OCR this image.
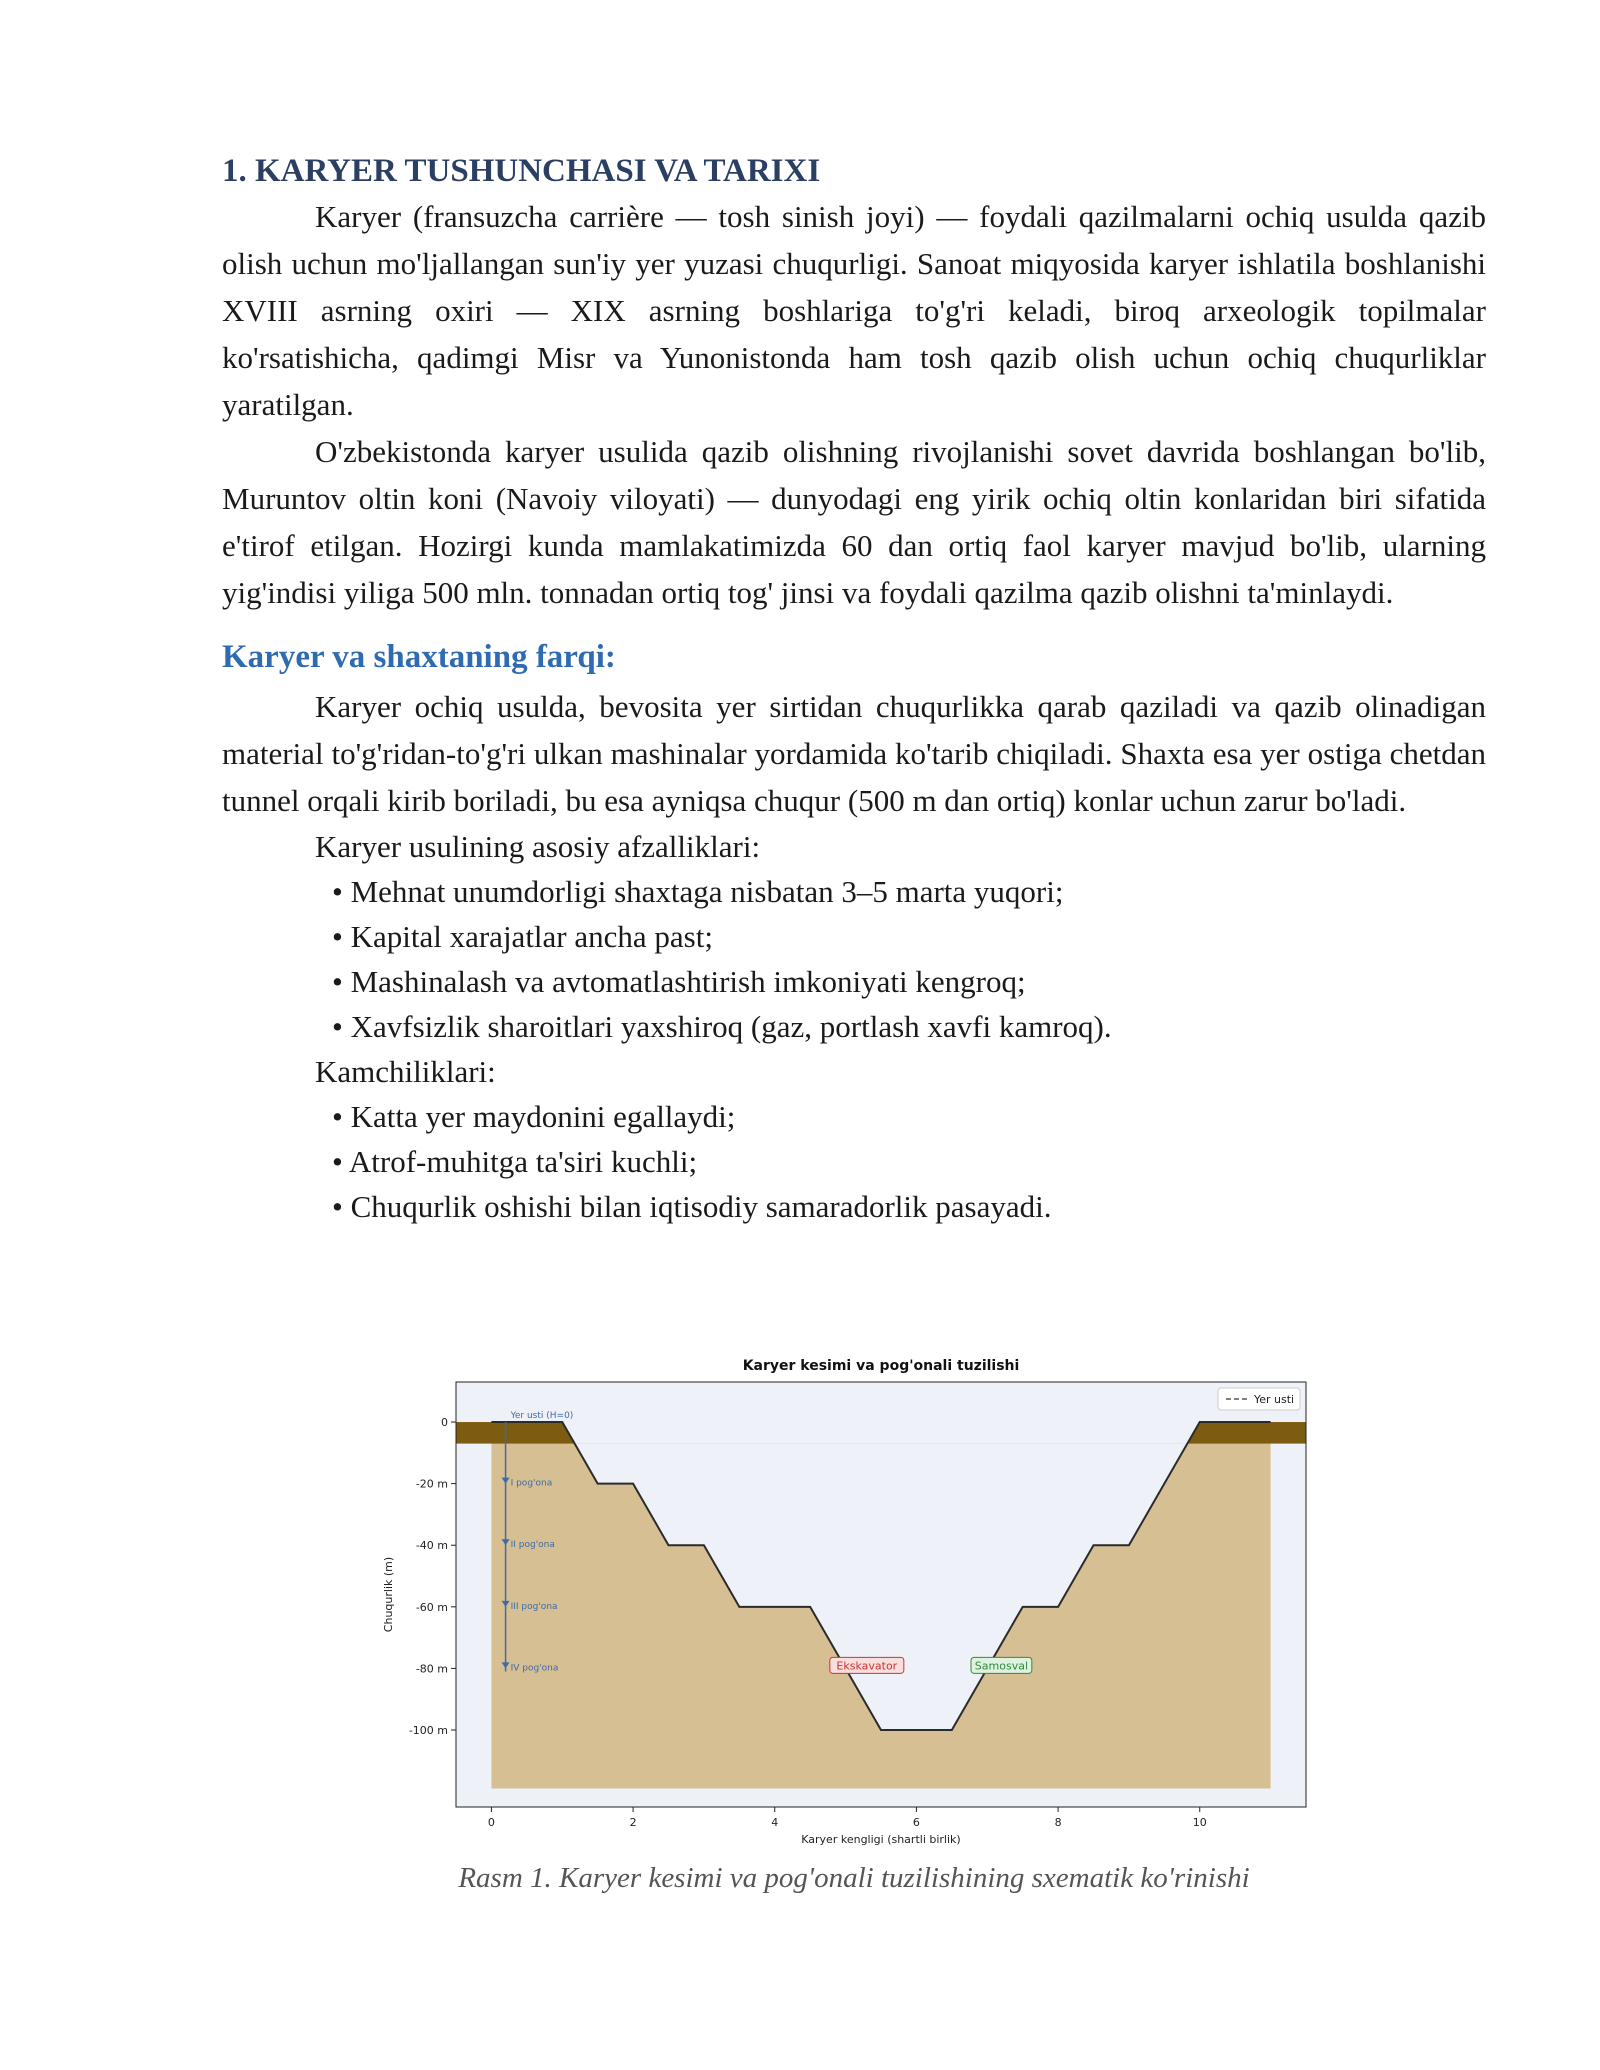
1. KARYER TUSHUNCHASI VA TARIXI

Karyer (fransuzcha carrière — tosh sinish joyi) — foydali qazilmalarni ochiq usulda qazib olish uchun mo'ljallangan sun'iy yer yuzasi chuqurligi. Sanoat miqyosida karyer ishlatila boshlanishi XVIII asrning oxiri — XIX asrning boshlariga to'g'ri keladi, biroq arxeologik topilmalar ko'rsatishicha, qadimgi Misr va Yunonistonda ham tosh qazib olish uchun ochiq chuqurliklar yaratilgan.

O'zbekistonda karyer usulida qazib olishning rivojlanishi sovet davrida boshlangan bo'lib, Muruntov oltin koni (Navoiy viloyati) — dunyodagi eng yirik ochiq oltin konlaridan biri sifatida e'tirof etilgan. Hozirgi kunda mamlakatimizda 60 dan ortiq faol karyer mavjud bo'lib, ularning yig'indisi yiliga 500 mln. tonnadan ortiq tog' jinsi va foydali qazilma qazib olishni ta'minlaydi.

Karyer va shaxtaning farqi:

Karyer ochiq usulda, bevosita yer sirtidan chuqurlikka qarab qaziladi va qazib olinadigan material to'g'ridan-to'g'ri ulkan mashinalar yordamida ko'tarib chiqiladi. Shaxta esa yer ostiga chetdan tunnel orqali kirib boriladi, bu esa ayniqsa chuqur (500 m dan ortiq) konlar uchun zarur bo'ladi.

Karyer usulining asosiy afzalliklari:
• Mehnat unumdorligi shaxtaga nisbatan 3–5 marta yuqori;
• Kapital xarajatlar ancha past;
• Mashinalash va avtomatlashtirish imkoniyati kengroq;
• Xavfsizlik sharoitlari yaxshiroq (gaz, portlash xavfi kamroq).
Kamchiliklari:
• Katta yer maydonini egallaydi;
• Atrof-muhitga ta'siri kuchli;
• Chuqurlik oshishi bilan iqtisodiy samaradorlik pasayadi.
Karyer kesimi va pog'onali tuzilishi
Yer usti (H=0)
I pog'ona
II pog'ona
III pog'ona
IV pog'ona	Ekskavator	Samosval
0	2	4	6	8	10
0
-20 m
-40 m
-60 m
-80 m
-100 m
Karyer kengligi (shartli birlik)
Chuqurlik (m)
Yer usti
Rasm 1. Karyer kesimi va pog'onali tuzilishining sxematik ko'rinishi
